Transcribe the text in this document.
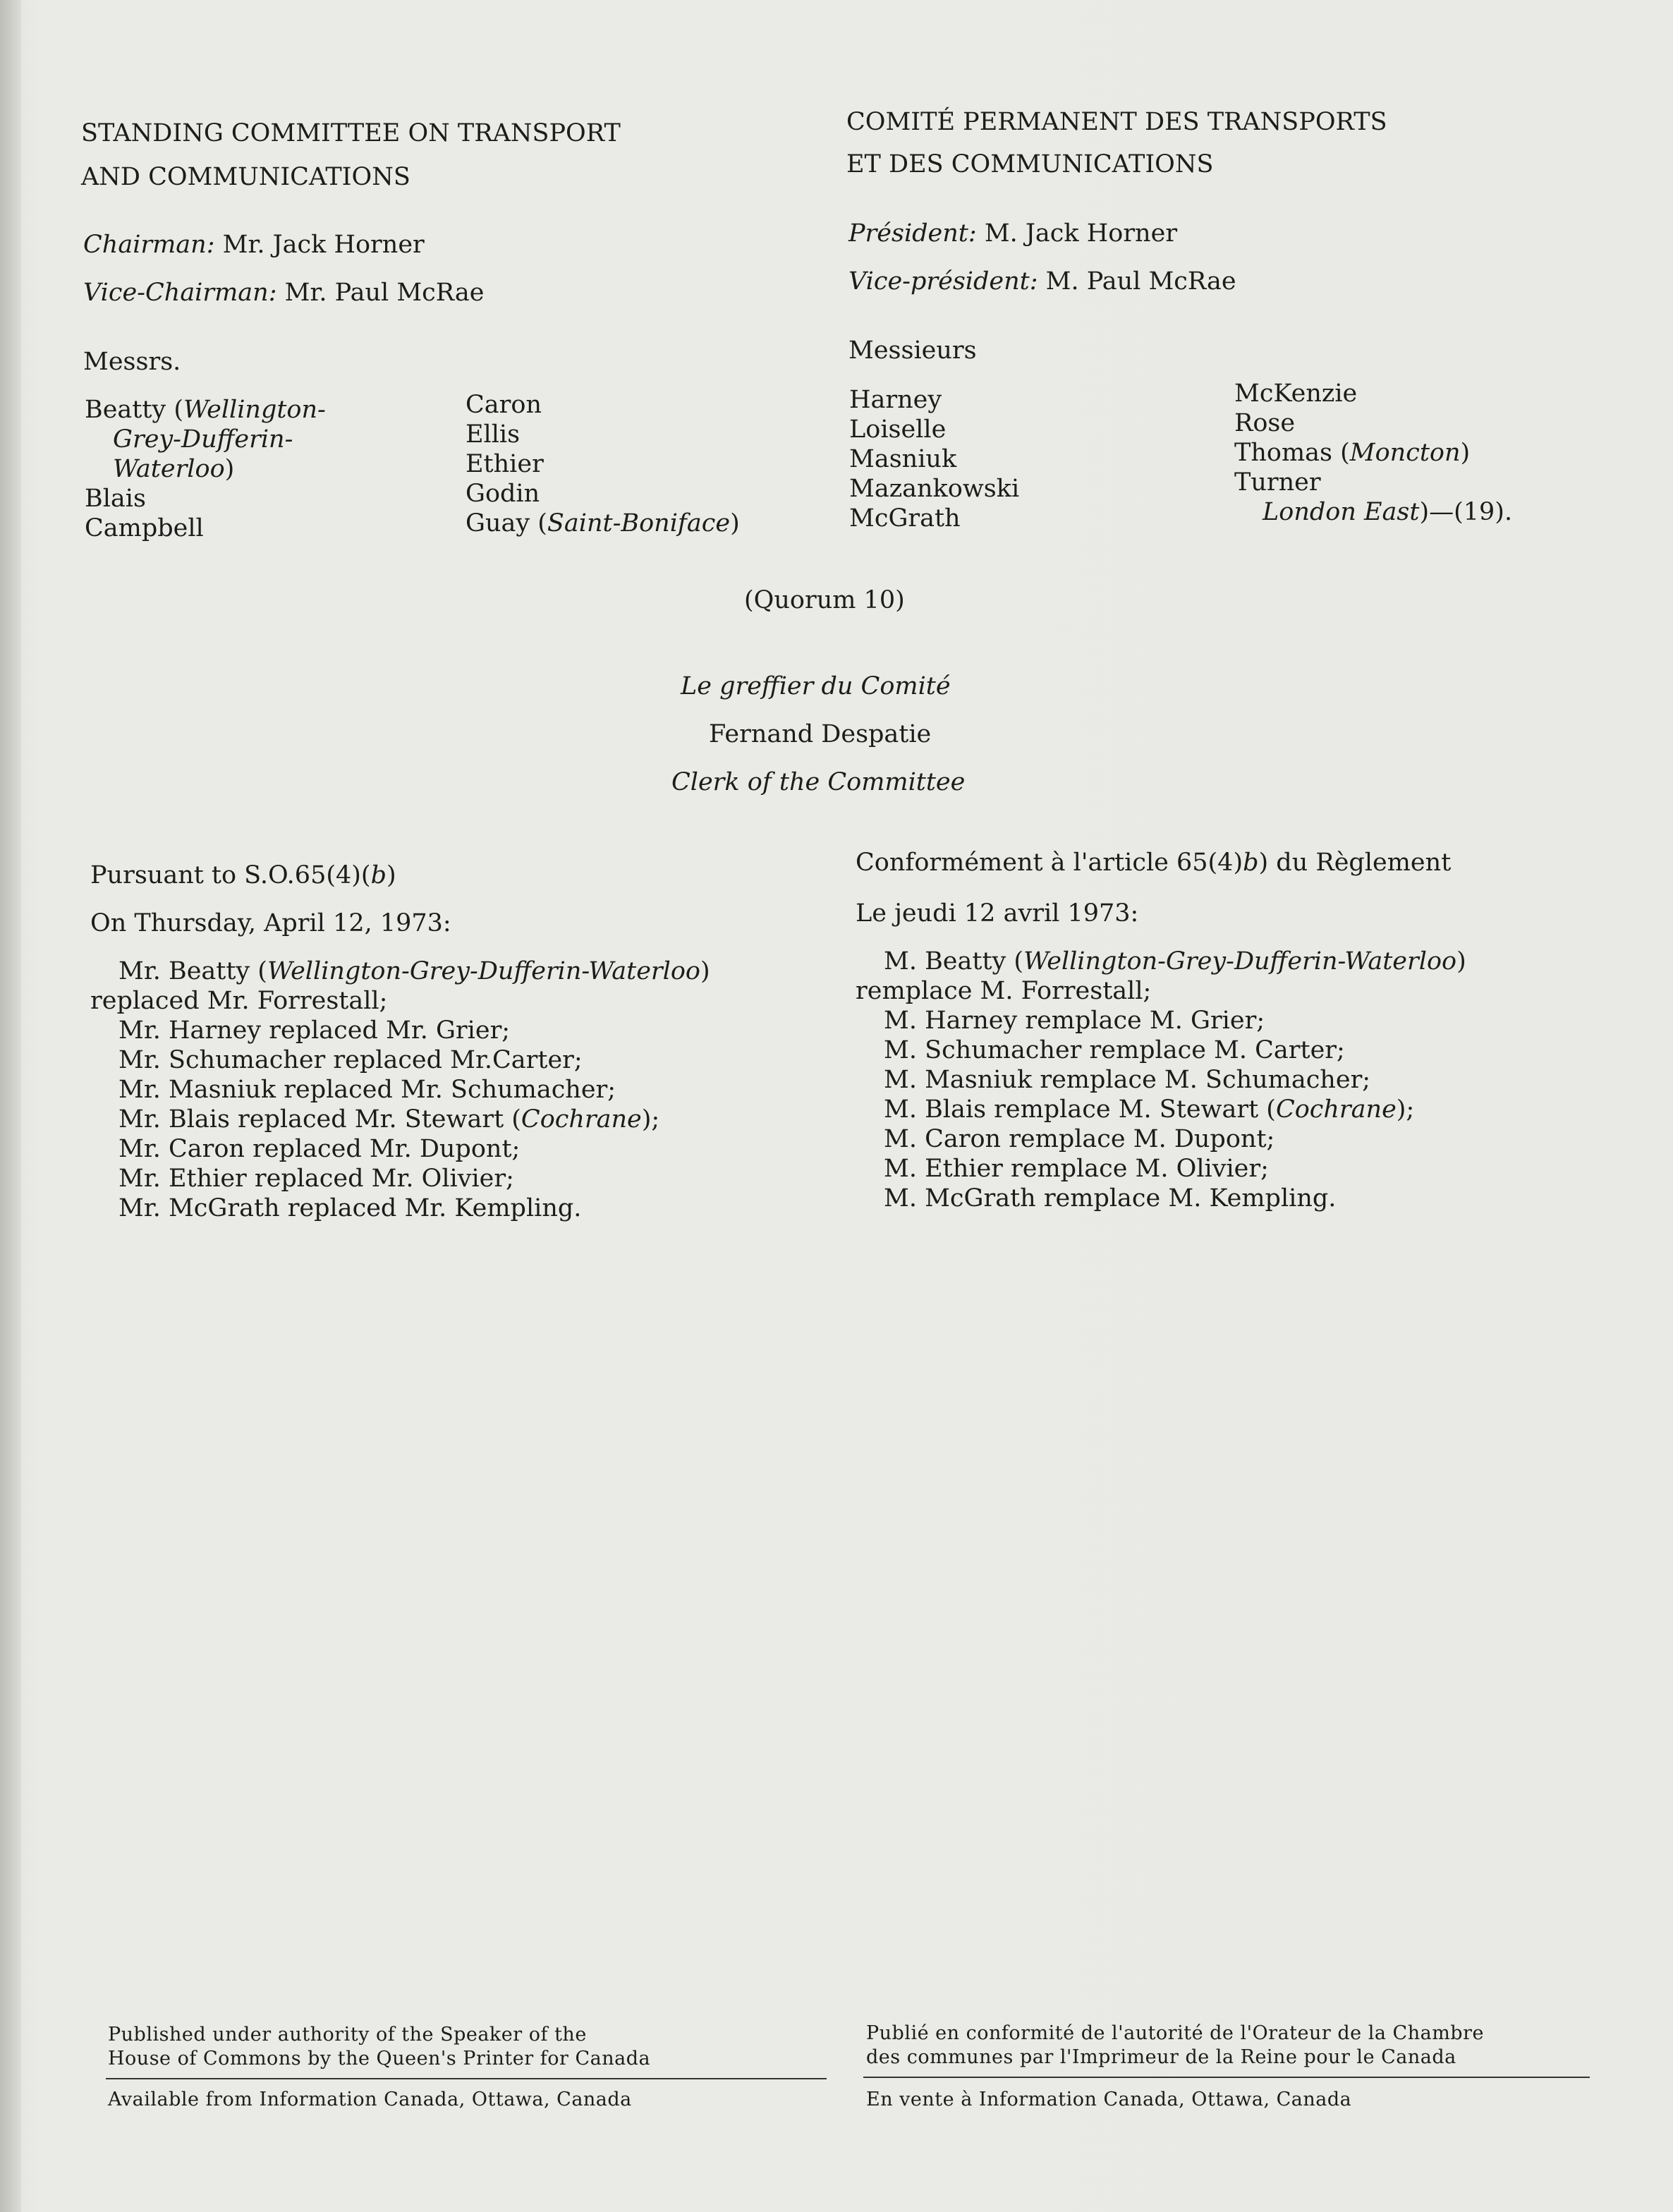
STANDING COMMITTEE ON TRANSPORT
AND COMMUNICATIONS
COMITÉ PERMANENT DES TRANSPORTS
ET DES COMMUNICATIONS
Chairman: Mr. Jack Horner
Vice-Chairman: Mr. Paul McRae
Président: M. Jack Horner
Vice-président: M. Paul McRae
Messrs.	Messieurs
Beatty (Wellington-
Grey-Dufferin-
Waterloo)
Blais
Campbell
Caron
Ellis
Ethier
Godin
Guay (Saint-Boniface)
Harney
Loiselle
Masniuk
Mazankowski
McGrath
McKenzie
Rose
Thomas (Moncton)
Turner
London East)—(19).
(Quorum 10)
Le greffier du Comité
Fernand Despatie
Clerk of the Committee
Pursuant to S.O.65(4)(b)
On Thursday, April 12, 1973:
Conformément à l'article 65(4)b) du Règlement
Le jeudi 12 avril 1973:
Mr. Beatty (Wellington-Grey-Dufferin-Waterloo)
replaced Mr. Forrestall;
Mr. Harney replaced Mr. Grier;
Mr. Schumacher replaced Mr.Carter;
Mr. Masniuk replaced Mr. Schumacher;
Mr. Blais replaced Mr. Stewart (Cochrane);
Mr. Caron replaced Mr. Dupont;
Mr. Ethier replaced Mr. Olivier;
Mr. McGrath replaced Mr. Kempling.
M. Beatty (Wellington-Grey-Dufferin-Waterloo)
remplace M. Forrestall;
M. Harney remplace M. Grier;
M. Schumacher remplace M. Carter;
M. Masniuk remplace M. Schumacher;
M. Blais remplace M. Stewart (Cochrane);
M. Caron remplace M. Dupont;
M. Ethier remplace M. Olivier;
M. McGrath remplace M. Kempling.
Published under authority of the Speaker of the
House of Commons by the Queen's Printer for Canada
Available from Information Canada, Ottawa, Canada
Publié en conformité de l'autorité de l'Orateur de la Chambre
des communes par l'Imprimeur de la Reine pour le Canada
En vente à Information Canada, Ottawa, Canada
